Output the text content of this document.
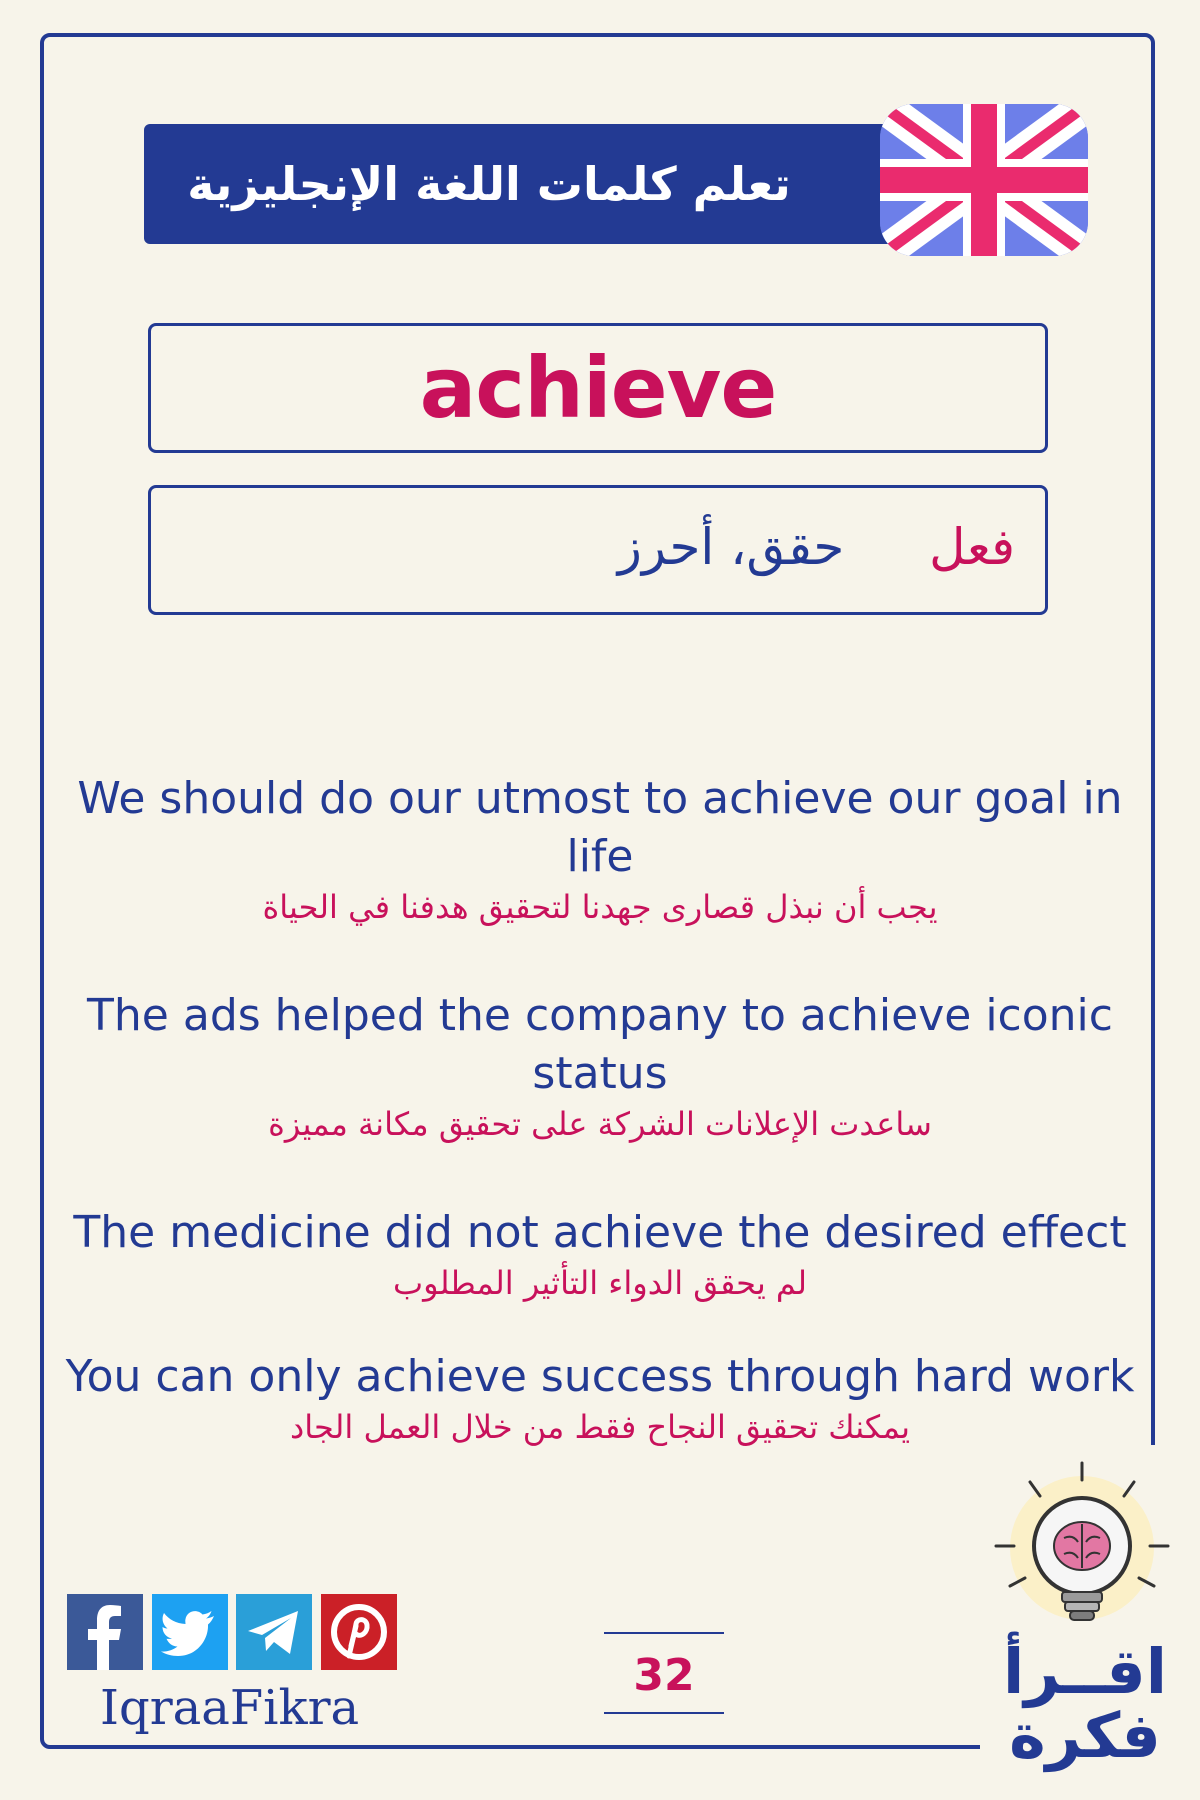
تعلم كلمات اللغة الإنجليزية
achieve
حقق، أحرز	فعل
We should do our utmost to achieve our goal in life
يجب أن نبذل قصارى جهدنا لتحقيق هدفنا في الحياة
The ads helped the company to achieve iconic status
ساعدت الإعلانات الشركة على تحقيق مكانة مميزة
The medicine did not achieve the desired effect
لم يحقق الدواء التأثير المطلوب
You can only achieve success through hard work
يمكنك تحقيق النجاح فقط من خلال العمل الجاد
IqraaFikra
32	اقــرأ
فكرة
